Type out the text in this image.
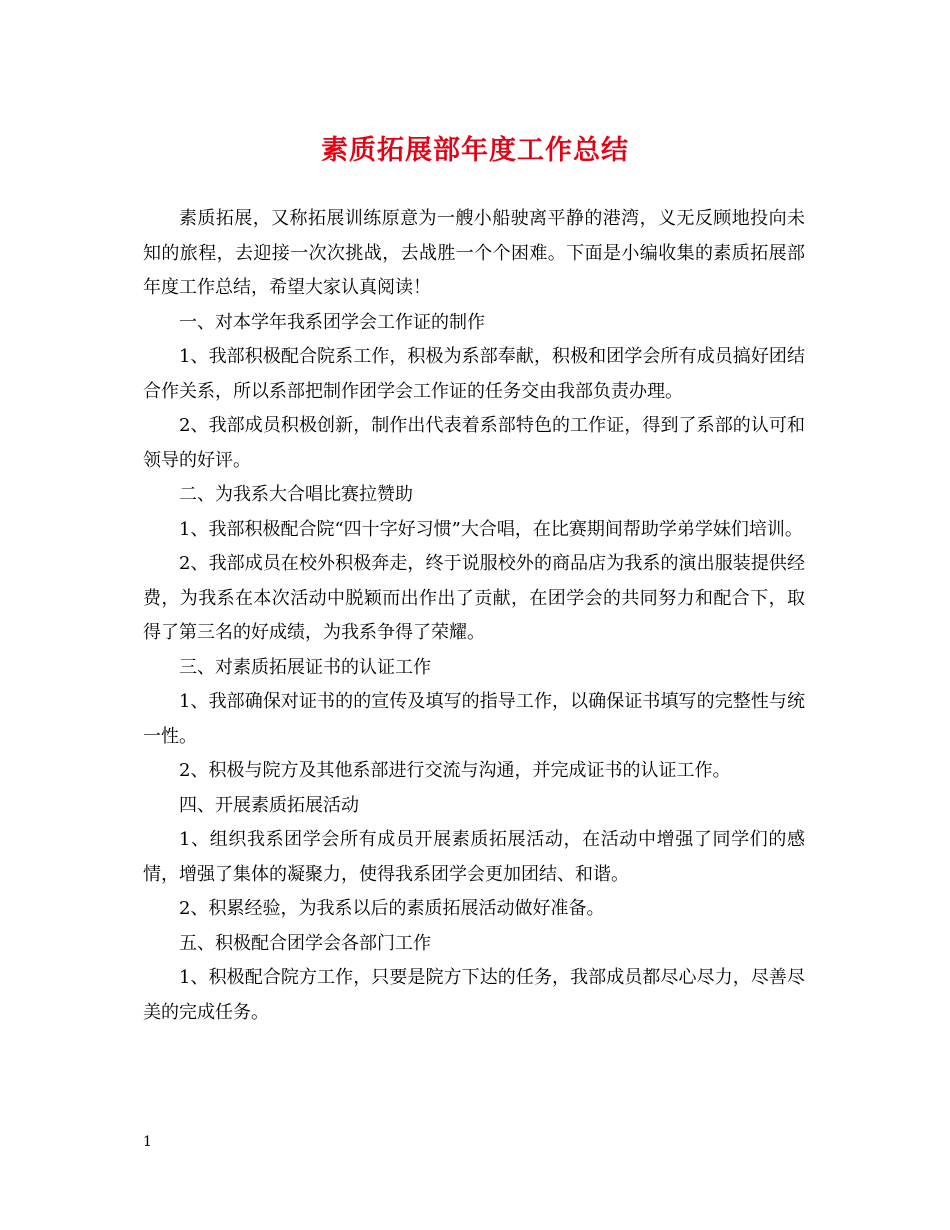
素质拓展部年度工作总结

素质拓展，又称拓展训练原意为一艘小船驶离平静的港湾，义无反顾地投向未知的旅程，去迎接一次次挑战，去战胜一个个困难。下面是小编收集的素质拓展部年度工作总结，希望大家认真阅读！

一、对本学年我系团学会工作证的制作

1、我部积极配合院系工作，积极为系部奉献，积极和团学会所有成员搞好团结合作关系，所以系部把制作团学会工作证的任务交由我部负责办理。

2、我部成员积极创新，制作出代表着系部特色的工作证，得到了系部的认可和领导的好评。

二、为我系大合唱比赛拉赞助

1、我部积极配合院“四十字好习惯”大合唱，在比赛期间帮助学弟学妹们培训。

2、我部成员在校外积极奔走，终于说服校外的商品店为我系的演出服装提供经费，为我系在本次活动中脱颖而出作出了贡献，在团学会的共同努力和配合下，取得了第三名的好成绩，为我系争得了荣耀。

三、对素质拓展证书的认证工作

1、我部确保对证书的的宣传及填写的指导工作，以确保证书填写的完整性与统一性。

2、积极与院方及其他系部进行交流与沟通，并完成证书的认证工作。

四、开展素质拓展活动

1、组织我系团学会所有成员开展素质拓展活动，在活动中增强了同学们的感情，增强了集体的凝聚力，使得我系团学会更加团结、和谐。

2、积累经验，为我系以后的素质拓展活动做好准备。

五、积极配合团学会各部门工作

1、积极配合院方工作，只要是院方下达的任务，我部成员都尽心尽力，尽善尽美的完成任务。

1
